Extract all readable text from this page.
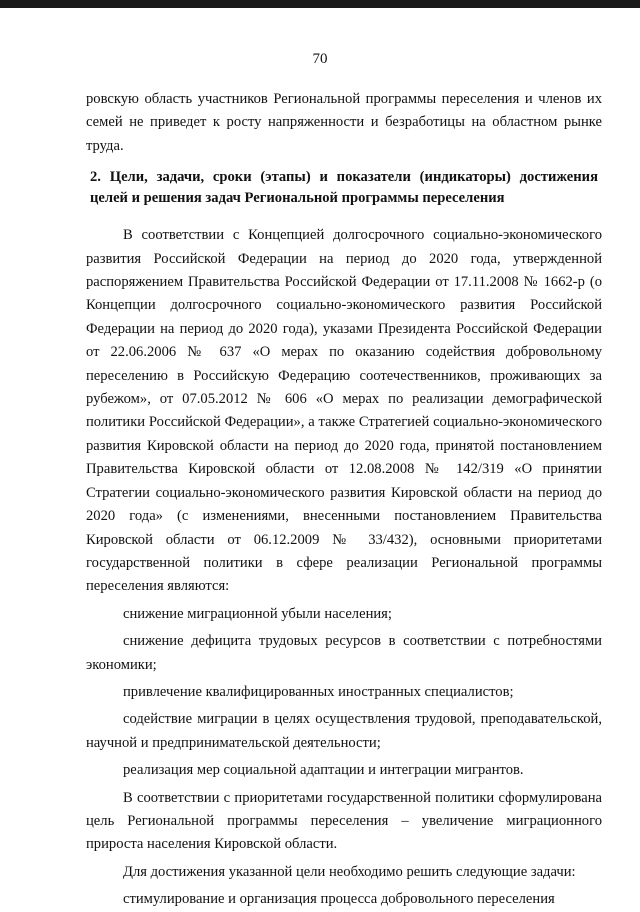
70

ровскую область участников Региональной программы переселения и членов их семей не приведет к росту напряженности и безработицы на областном рынке труда.

2. Цели, задачи, сроки (этапы) и показатели (индикаторы) достижения целей и решения задач Региональной программы переселения

В соответствии с Концепцией долгосрочного социально-экономического развития Российской Федерации на период до 2020 года, утвержденной распоряжением Правительства Российской Федерации от 17.11.2008 № 1662-р (о Концепции долгосрочного социально-экономического развития Российской Федерации на период до 2020 года), указами Президента Российской Федерации от 22.06.2006 № 637 «О мерах по оказанию содействия добровольному переселению в Российскую Федерацию соотечественников, проживающих за рубежом», от 07.05.2012 № 606 «О мерах по реализации демографической политики Российской Федерации», а также Стратегией социально-экономического развития Кировской области на период до 2020 года, принятой постановлением Правительства Кировской области от 12.08.2008 № 142/319 «О принятии Стратегии социально-экономического развития Кировской области на период до 2020 года» (с изменениями, внесенными постановлением Правительства Кировской области от 06.12.2009 № 33/432), основными приоритетами государственной политики в сфере реализации Региональной программы переселения являются:

снижение миграционной убыли населения;

снижение дефицита трудовых ресурсов в соответствии с потребностями экономики;

привлечение квалифицированных иностранных специалистов;

содействие миграции в целях осуществления трудовой, преподавательской, научной и предпринимательской деятельности;

реализация мер социальной адаптации и интеграции мигрантов.

В соответствии с приоритетами государственной политики сформулирована цель Региональной программы переселения – увеличение миграционного прироста населения Кировской области.

Для достижения указанной цели необходимо решить следующие задачи:

стимулирование и организация процесса добровольного переселения
